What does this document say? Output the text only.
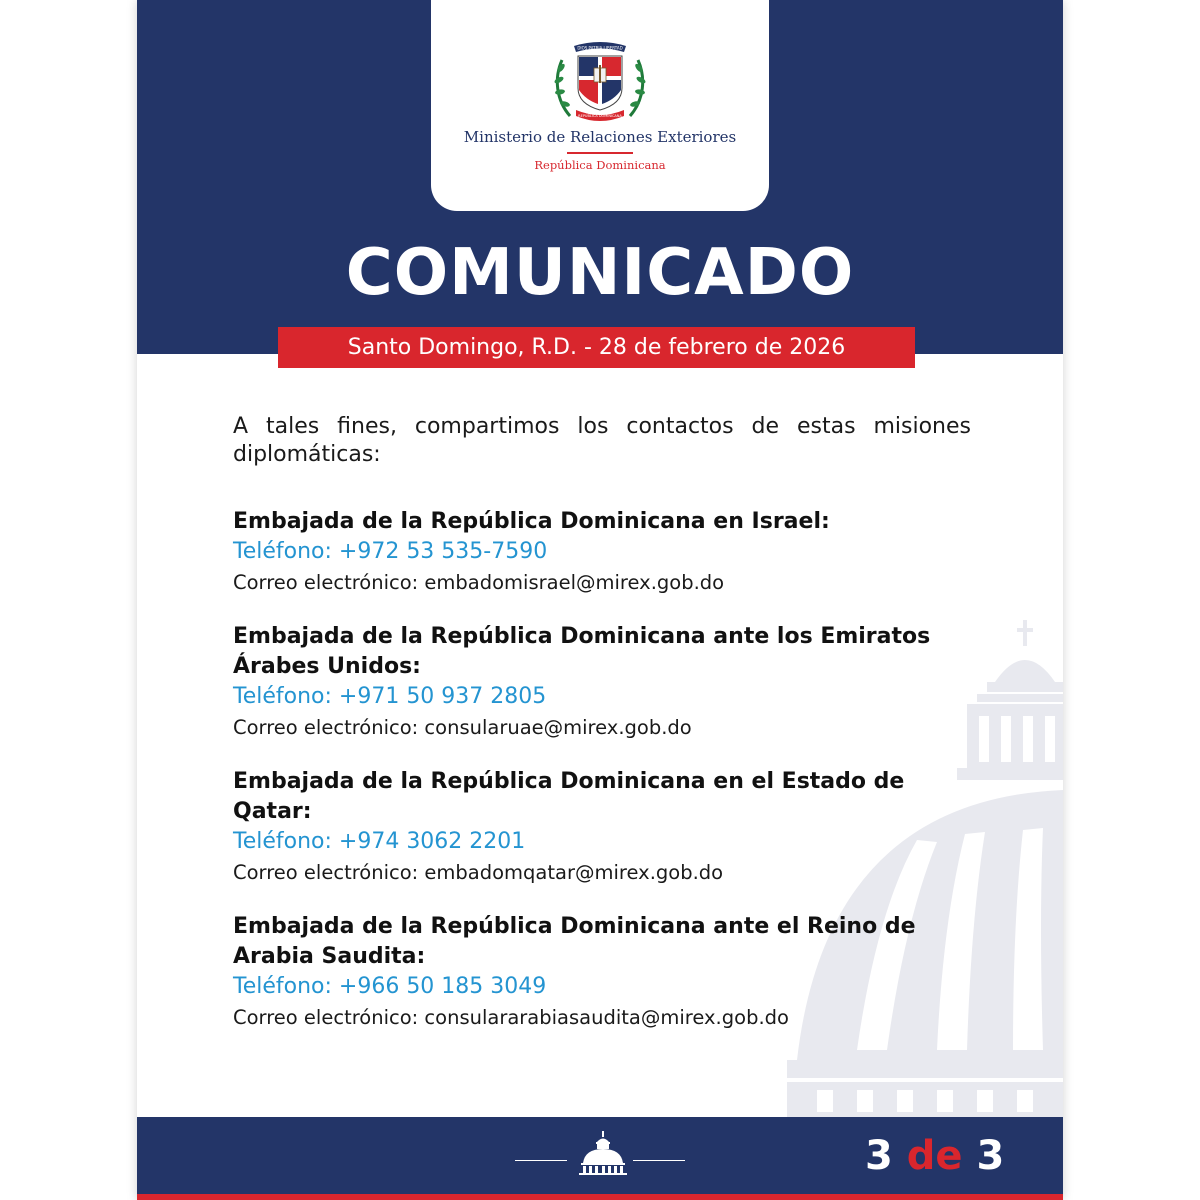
DIOS PATRIA LIBERTAD
REPÚBLICA DOMINICANA
Ministerio de Relaciones Exteriores
República Dominicana
COMUNICADO
Santo Domingo, R.D. - 28 de febrero de 2026

A tales fines, compartimos los contactos de estas misiones diplomáticas:

Embajada de la República Dominicana en Israel:
Teléfono: +972 53 535-7590
Correo electrónico: embadomisrael@mirex.gob.do
Embajada de la República Dominicana ante los Emiratos Árabes Unidos:
Teléfono: +971 50 937 2805
Correo electrónico: consularuae@mirex.gob.do
Embajada de la República Dominicana en el Estado de Qatar:
Teléfono: +974 3062 2201
Correo electrónico: embadomqatar@mirex.gob.do
Embajada de la República Dominicana ante el Reino de Arabia Saudita:
Teléfono: +966 50 185 3049
Correo electrónico: consulararabiasaudita@mirex.gob.do
3 de 3
